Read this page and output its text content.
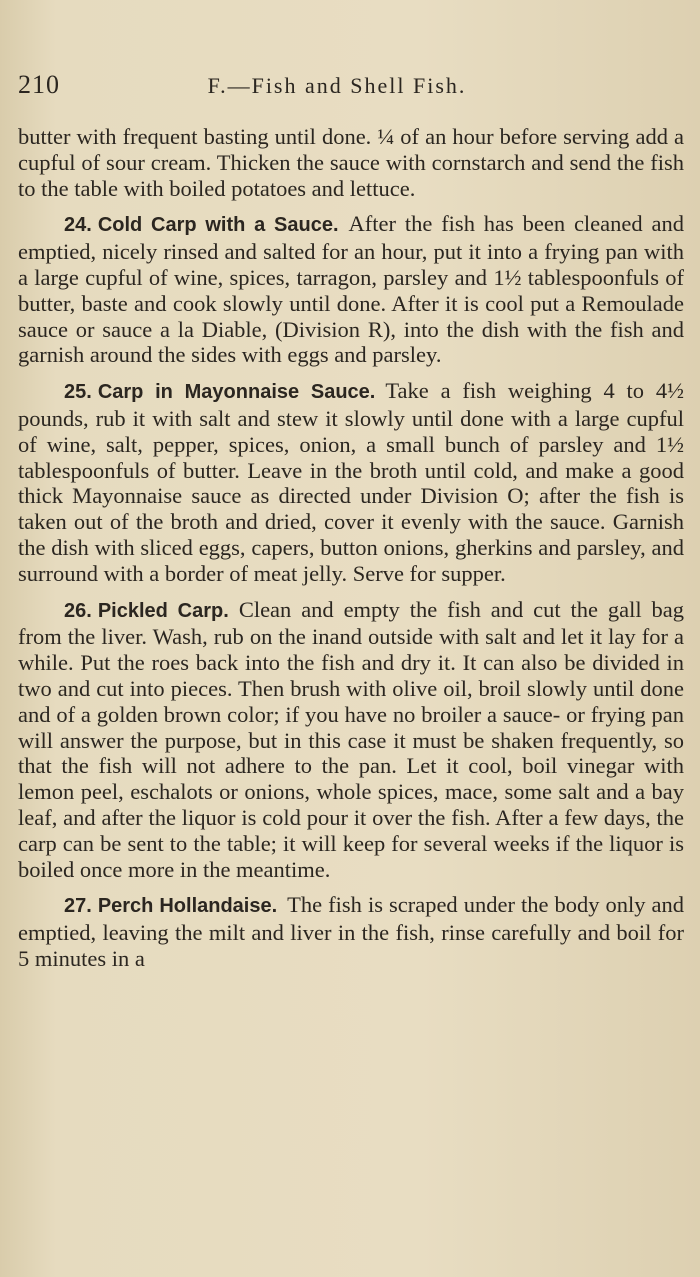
210	F.—Fish and Shell Fish.

butter with frequent basting until done. ¼ of an hour before serving add a cupful of sour cream. Thicken the sauce with cornstarch and send the fish to the table with boiled potatoes and lettuce.

24. Cold Carp with a Sauce. After the fish has been cleaned and emptied, nicely rinsed and salted for an hour, put it into a frying pan with a large cupful of wine, spices, tarragon, parsley and 1½ tablespoonfuls of butter, baste and cook slowly until done. After it is cool put a Remoulade sauce or sauce a la Diable, (Division R), into the dish with the fish and garnish around the sides with eggs and parsley.

25. Carp in Mayonnaise Sauce. Take a fish weighing 4 to 4½ pounds, rub it with salt and stew it slowly until done with a large cupful of wine, salt, pepper, spices, onion, a small bunch of parsley and 1½ tablespoonfuls of butter. Leave in the broth until cold, and make a good thick Mayonnaise sauce as directed under Division O; after the fish is taken out of the broth and dried, cover it evenly with the sauce. Garnish the dish with sliced eggs, capers, button onions, gherkins and parsley, and surround with a border of meat jelly. Serve for supper.

26. Pickled Carp. Clean and empty the fish and cut the gall bag from the liver. Wash, rub on the inand outside with salt and let it lay for a while. Put the roes back into the fish and dry it. It can also be divided in two and cut into pieces. Then brush with olive oil, broil slowly until done and of a golden brown color; if you have no broiler a sauce- or frying pan will answer the purpose, but in this case it must be shaken frequently, so that the fish will not adhere to the pan. Let it cool, boil vinegar with lemon peel, eschalots or onions, whole spices, mace, some salt and a bay leaf, and after the liquor is cold pour it over the fish. After a few days, the carp can be sent to the table; it will keep for several weeks if the liquor is boiled once more in the meantime.

27. Perch Hollandaise. The fish is scraped under the body only and emptied, leaving the milt and liver in the fish, rinse carefully and boil for 5 minutes in a
